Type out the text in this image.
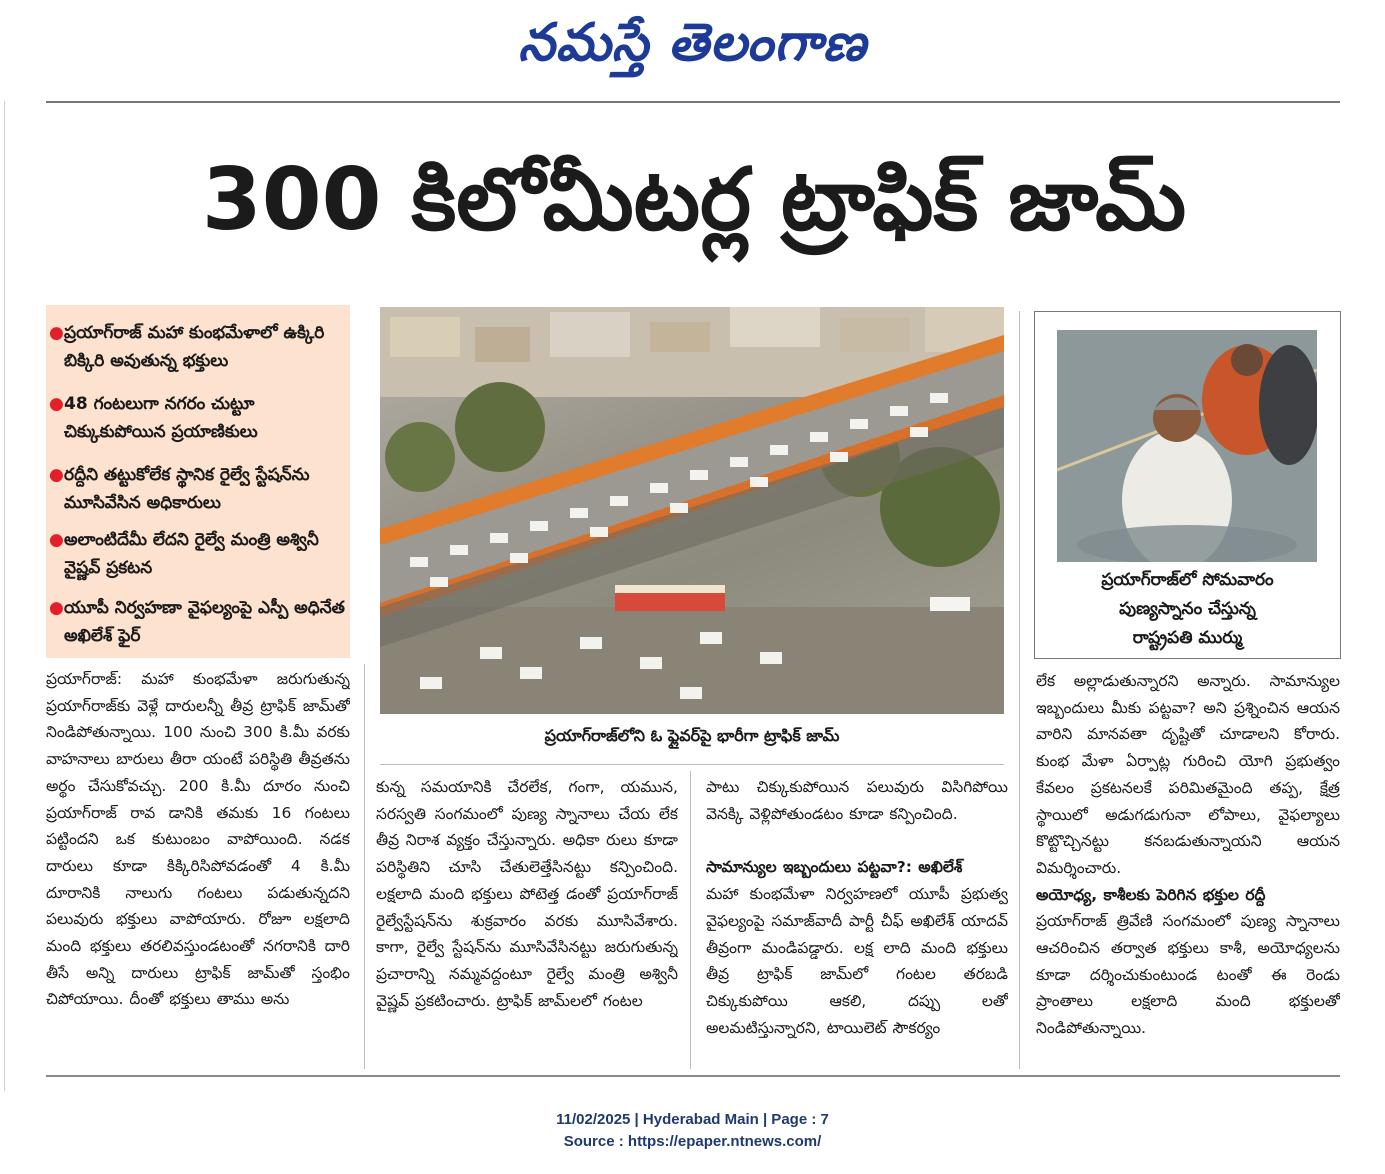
నమస్తే తెలంగాణ
300 కిలోమీటర్ల ట్రాఫిక్ జామ్
● ప్రయాగ్‌రాజ్ మహా కుంభమేళాలో ఉక్కిరి బిక్కిరి అవుతున్న భక్తులు
● 48 గంటలుగా నగరం చుట్టూ చిక్కుకుపోయిన ప్రయాణికులు
● రద్దీని తట్టుకోలేక స్థానిక రైల్వే స్టేషన్‌ను మూసివేసిన అధికారులు
● అలాంటిదేమీ లేదని రైల్వే మంత్రి అశ్వినీ వైష్ణవ్ ప్రకటన
● యూపీ నిర్వహణా వైఫల్యంపై ఎస్పీ అధినేత అఖిలేశ్ ఫైర్
ప్రయాగ్‌రాజ్‌లోని ఓ ఫ్లైవర్‌పై భారీగా ట్రాఫిక్ జామ్
ప్రయాగ్‌రాజ్‌లో సోమవారం
పుణ్యస్నానం చేస్తున్న
రాష్ట్రపతి ముర్ము

ప్రయాగ్‌రాజ్: మహా కుంభమేళా జరుగుతున్న ప్రయాగ్‌రాజ్‌కు వెళ్లే దారులన్నీ తీవ్ర ట్రాఫిక్ జామ్‌తో నిండిపోతున్నాయి. 100 నుంచి 300 కి.మీ వరకు వాహనాలు బారులు తీరా యంటే పరిస్థితి తీవ్రతను అర్థం చేసుకోవచ్చు. 200 కి.మీ దూరం నుంచి ప్రయాగ్‌రాజ్ రావ డానికి తమకు 16 గంటలు పట్టిందని ఒక కుటుంబం వాపోయింది. నడక దారులు కూడా కిక్కిరిసిపోవడంతో 4 కి.మీ దూరానికి నాలుగు గంటలు పడుతున్నదని పలువురు భక్తులు వాపోయారు. రోజూ లక్షలాది మంది భక్తులు తరలివస్తుండటంతో నగరానికి దారి తీసే అన్ని దారులు ట్రాఫిక్ జామ్‌తో స్తంభిం చిపోయాయి. దీంతో భక్తులు తాము అను

కున్న సమయానికి చేరలేక, గంగా, యమున, సరస్వతి సంగమంలో పుణ్య స్నానాలు చేయ లేక తీవ్ర నిరాశ వ్యక్తం చేస్తున్నారు. అధికా రులు కూడా పరిస్థితిని చూసి చేతులెత్తేసినట్టు కన్పించింది. లక్షలాది మంది భక్తులు పోటెత్త డంతో ప్రయాగ్‌రాజ్ రైల్వేస్టేషన్‌ను శుక్రవారం వరకు మూసివేశారు. కాగా, రైల్వే స్టేషన్‌ను మూసివేసినట్టు జరుగుతున్న ప్రచారాన్ని నమ్మవద్దంటూ రైల్వే మంత్రి అశ్వినీ వైష్ణవ్ ప్రకటించారు. ట్రాఫిక్ జామ్‌లలో గంటల

పాటు చిక్కుకుపోయిన పలువురు విసిగిపోయి వెనక్కి వెళ్లిపోతుండటం కూడా కన్పించింది.

సామాన్యుల ఇబ్బందులు పట్టవా?: అఖిలేశ్

మహా కుంభమేళా నిర్వహణలో యూపీ ప్రభుత్వ వైఫల్యంపై సమాజ్‌వాదీ పార్టీ చీఫ్ అఖిలేశ్ యాదవ్ తీవ్రంగా మండిపడ్డారు. లక్ష లాది మంది భక్తులు తీవ్ర ట్రాఫిక్ జామ్‌లో గంటల తరబడి చిక్కుకుపోయి ఆకలి, దప్పు లతో అలమటిస్తున్నారని, టాయిలెట్ సౌకర్యం

లేక అల్లాడుతున్నారని అన్నారు. సామాన్యుల ఇబ్బందులు మీకు పట్టవా? అని ప్రశ్నించిన ఆయన వారిని మానవతా దృష్టితో చూడాలని కోరారు. కుంభ మేళా ఏర్పాట్ల గురించి యోగి ప్రభుత్వం కేవలం ప్రకటనలకే పరిమితమైంది తప్ప, క్షేత్ర స్థాయిలో అడుగడుగునా లోపాలు, వైఫల్యాలు కొట్టొచ్చినట్టు కనబడుతున్నాయని ఆయన విమర్శించారు.

అయోధ్య, కాశీలకు పెరిగిన భక్తుల రద్దీ

ప్రయాగ్‌రాజ్ త్రివేణి సంగమంలో పుణ్య స్నానాలు ఆచరించిన తర్వాత భక్తులు కాశీ, అయోధ్యలను కూడా దర్శించుకుంటుండ టంతో ఈ రెండు ప్రాంతాలు లక్షలాది మంది భక్తులతో నిండిపోతున్నాయి.

11/02/2025 | Hyderabad Main | Page : 7
Source : https://epaper.ntnews.com/
